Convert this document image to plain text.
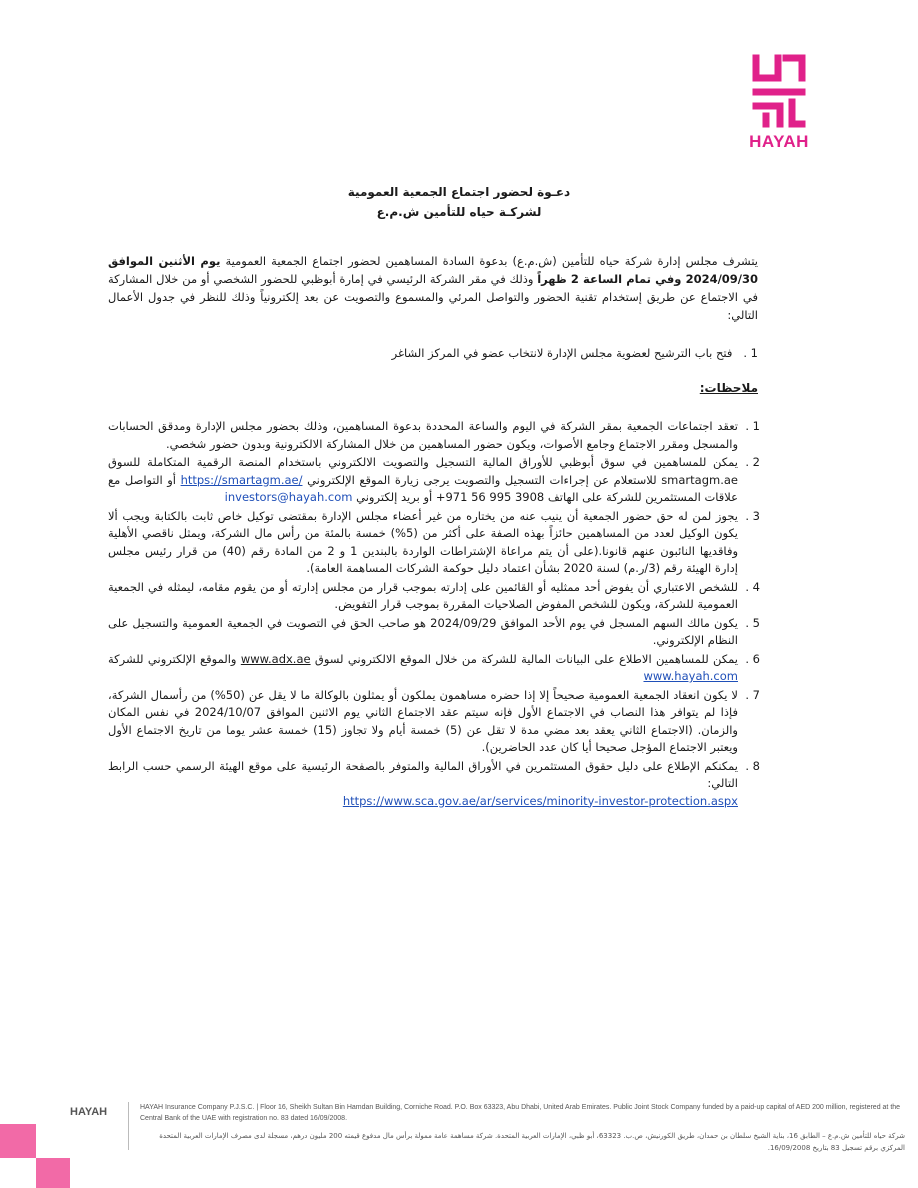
HAYAH
دعـوة لحضور اجتماع الجمعية العمومية
لشركـة حياه للتأمين ش.م.ع
يتشرف مجلس إدارة شركة حياه للتأمين (ش.م.ع) بدعوة السادة المساهمين لحضور اجتماع الجمعية العمومية يوم الأثنين الموافق 2024/09/30 وفي تمام الساعة 2 ظهراً وذلك في مقر الشركة الرئيسي في إمارة أبوظبي للحضور الشخصي أو من خلال المشاركة في الاجتماع عن طريق إستخدام تقنية الحضور والتواصل المرئي والمسموع والتصويت عن بعد إلكترونياً وذلك للنظر في جدول الأعمال التالي:
1 . فتح باب الترشيح لعضوية مجلس الإدارة لانتخاب عضو في المركز الشاغر
ملاحظات:
1 .
تعقد اجتماعات الجمعية بمقر الشركة في اليوم والساعة المحددة بدعوة المساهمين، وذلك بحضور مجلس الإدارة ومدقق الحسابات والمسجل ومقرر الاجتماع وجامع الأصوات، ويكون حضور المساهمين من خلال المشاركة الالكترونية وبدون حضور شخصي.
2 .
يمكن للمساهمين في سوق أبوظبي للأوراق المالية التسجيل والتصويت الالكتروني باستخدام المنصة الرقمية المتكاملة للسوق smartagm.ae للاستعلام عن إجراءات التسجيل والتصويت يرجى زيارة الموقع الإلكتروني https://smartagm.ae/ أو التواصل مع علاقات المستثمرين للشركة على الهاتف +971 56 995 3908 أو بريد إلكتروني investors@hayah.com
3 .
يجوز لمن له حق حضور الجمعية أن ينيب عنه من يختاره من غير أعضاء مجلس الإدارة بمقتضى توكيل خاص ثابت بالكتابة ويجب ألا يكون الوكيل لعدد من المساهمين حائزاً بهذه الصفة على أكثر من (5%) خمسة بالمئة من رأس مال الشركة، ويمثل ناقصي الأهلية وفاقديها النائبون عنهم قانونا.(على أن يتم مراعاة الإشتراطات الواردة بالبندين 1 و 2 من المادة رقم (40) من قرار رئيس مجلس إدارة الهيئة رقم (3/ر.م) لسنة 2020 بشأن اعتماد دليل حوكمة الشركات المساهمة العامة).
4 .
للشخص الاعتباري أن يفوض أحد ممثليه أو القائمين على إدارته بموجب قرار من مجلس إدارته أو من يقوم مقامه، ليمثله في الجمعية العمومية للشركة، ويكون للشخص المفوض الصلاحيات المقررة بموجب قرار التفويض.
5 .
يكون مالك السهم المسجل في يوم الأحد الموافق 2024/09/29 هو صاحب الحق في التصويت في الجمعية العمومية والتسجيل على النظام الإلكتروني.
6 .
يمكن للمساهمين الاطلاع على البيانات المالية للشركة من خلال الموقع الالكتروني لسوق www.adx.ae والموقع الإلكتروني للشركة www.hayah.com
7 .
لا يكون انعقاد الجمعية العمومية صحيحاً إلا إذا حضره مساهمون يملكون أو يمثلون بالوكالة ما لا يقل عن (50%) من رأسمال الشركة، فإذا لم يتوافر هذا النصاب في الاجتماع الأول فإنه سيتم عقد الاجتماع الثاني يوم الاثنين الموافق 2024/10/07 في نفس المكان والزمان. (الاجتماع الثاني يعقد بعد مضي مدة لا تقل عن (5) خمسة أيام ولا تجاوز (15) خمسة عشر يوما من تاريخ الاجتماع الأول ويعتبر الاجتماع المؤجل صحيحا أيا كان عدد الحاضرين).
8 .
يمكنكم الإطلاع على دليل حقوق المستثمرين في الأوراق المالية والمتوفر بالصفحة الرئيسية على موقع الهيئة الرسمي حسب الرابط التالي:
https://www.sca.gov.ae/ar/services/minority-investor-protection.aspx
HAYAH	HAYAH Insurance Company P.J.S.C. | Floor 16, Sheikh Sultan Bin Hamdan Building, Corniche Road. P.O. Box 63323, Abu Dhabi, United Arab Emirates. Public Joint Stock Company funded by a paid-up capital of AED 200 million, registered at the Central Bank of the UAE with registration no. 83 dated 16/09/2008.
شركة حياه للتأمين ش.م.ع – الطابق 16، بناية الشيخ سلطان بن حمدان، طريق الكورنيش، ص.ب. 63323، أبو ظبي، الإمارات العربية المتحدة. شركة مساهمة عامة ممولة برأس مال مدفوع قيمته 200 مليون درهم، مسجلة لدى مصرف الإمارات العربية المتحدة المركزي برقم تسجيل 83 بتاريخ 16/09/2008.
